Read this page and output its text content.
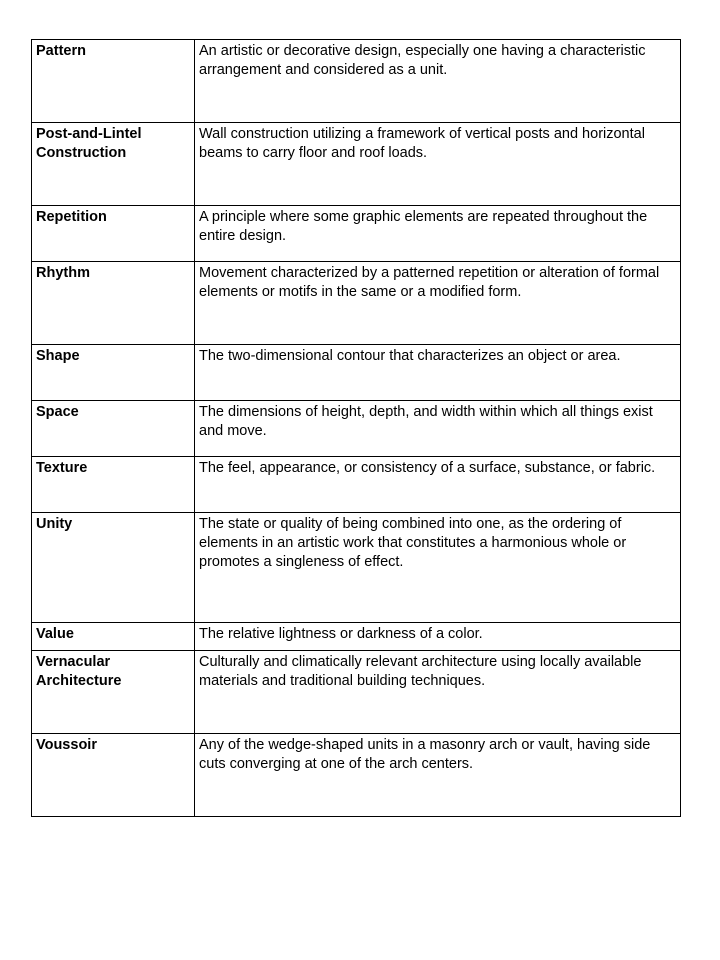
Pattern	An artistic or decorative design, especially one having a characteristic arrangement and considered as a unit.
Post-and-Lintel Construction	Wall construction utilizing a framework of vertical posts and horizontal beams to carry floor and roof loads.
Repetition	A principle where some graphic elements are repeated throughout the entire design.
Rhythm	Movement characterized by a patterned repetition or alteration of formal elements or motifs in the same or a modified form.
Shape	The two-dimensional contour that characterizes an object or area.
Space	The dimensions of height, depth, and width within which all things exist and move.
Texture	The feel, appearance, or consistency of a surface, substance, or fabric.
Unity	The state or quality of being combined into one, as the ordering of elements in an artistic work that constitutes a harmonious whole or promotes a singleness of effect.
Value	The relative lightness or darkness of a color.
Vernacular Architecture	Culturally and climatically relevant architecture using locally available materials and traditional building techniques.
Voussoir	Any of the wedge-shaped units in a masonry arch or vault, having side cuts converging at one of the arch centers.
